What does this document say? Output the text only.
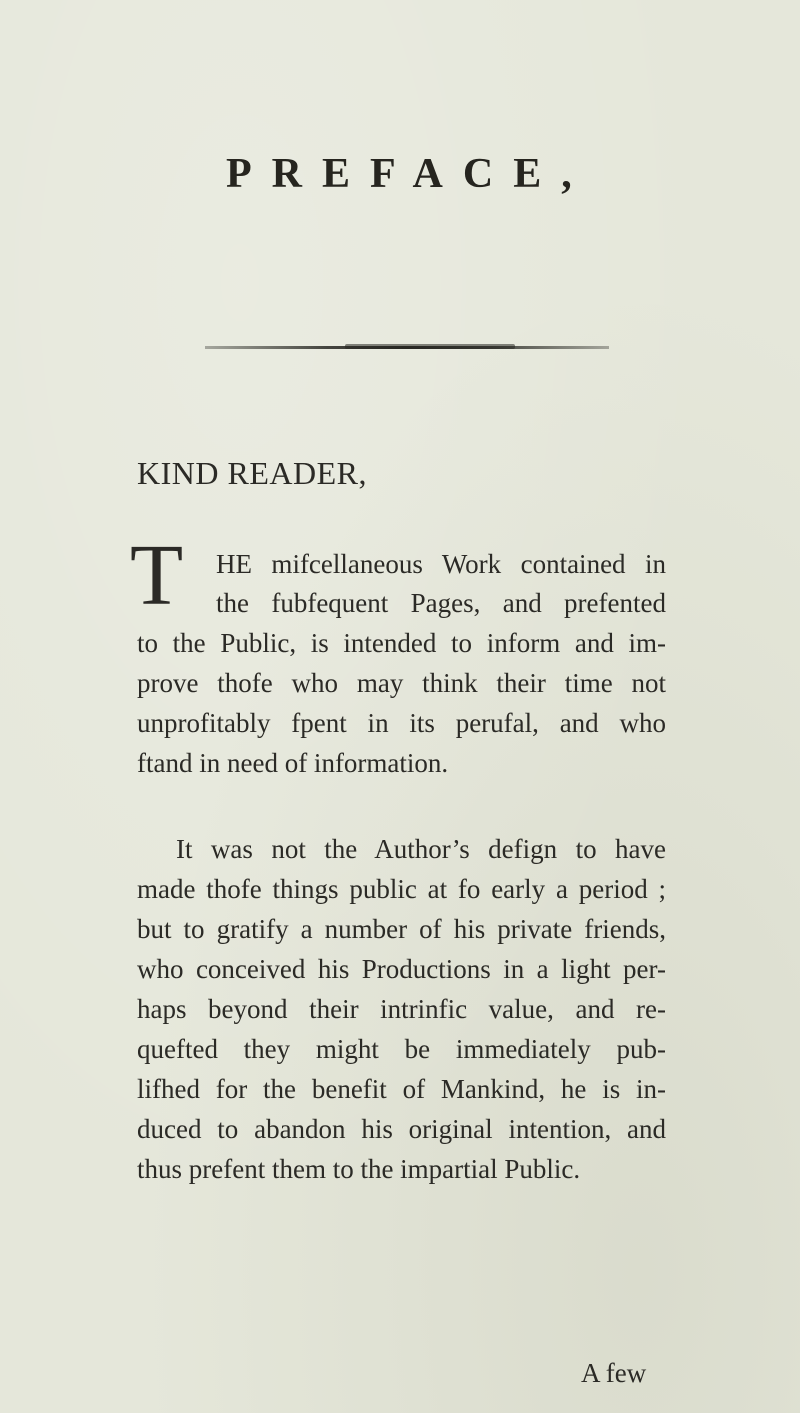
PREFACE,
KIND READER,
T HE mifcellaneous Work contained in
the fubfequent Pages, and prefented
to the Public, is intended to inform and im-
prove thofe who may think their time not
unprofitably fpent in its perufal, and who
ftand in need of information.
It was not the Author’s defign to have
made thofe things public at fo early a period ;
but to gratify a number of his private friends,
who conceived his Productions in a light per-
haps beyond their intrinfic value, and re-
quefted they might be immediately pub-
lifhed for the benefit of Mankind, he is in-
duced to abandon his original intention, and
thus prefent them to the impartial Public.
A few
